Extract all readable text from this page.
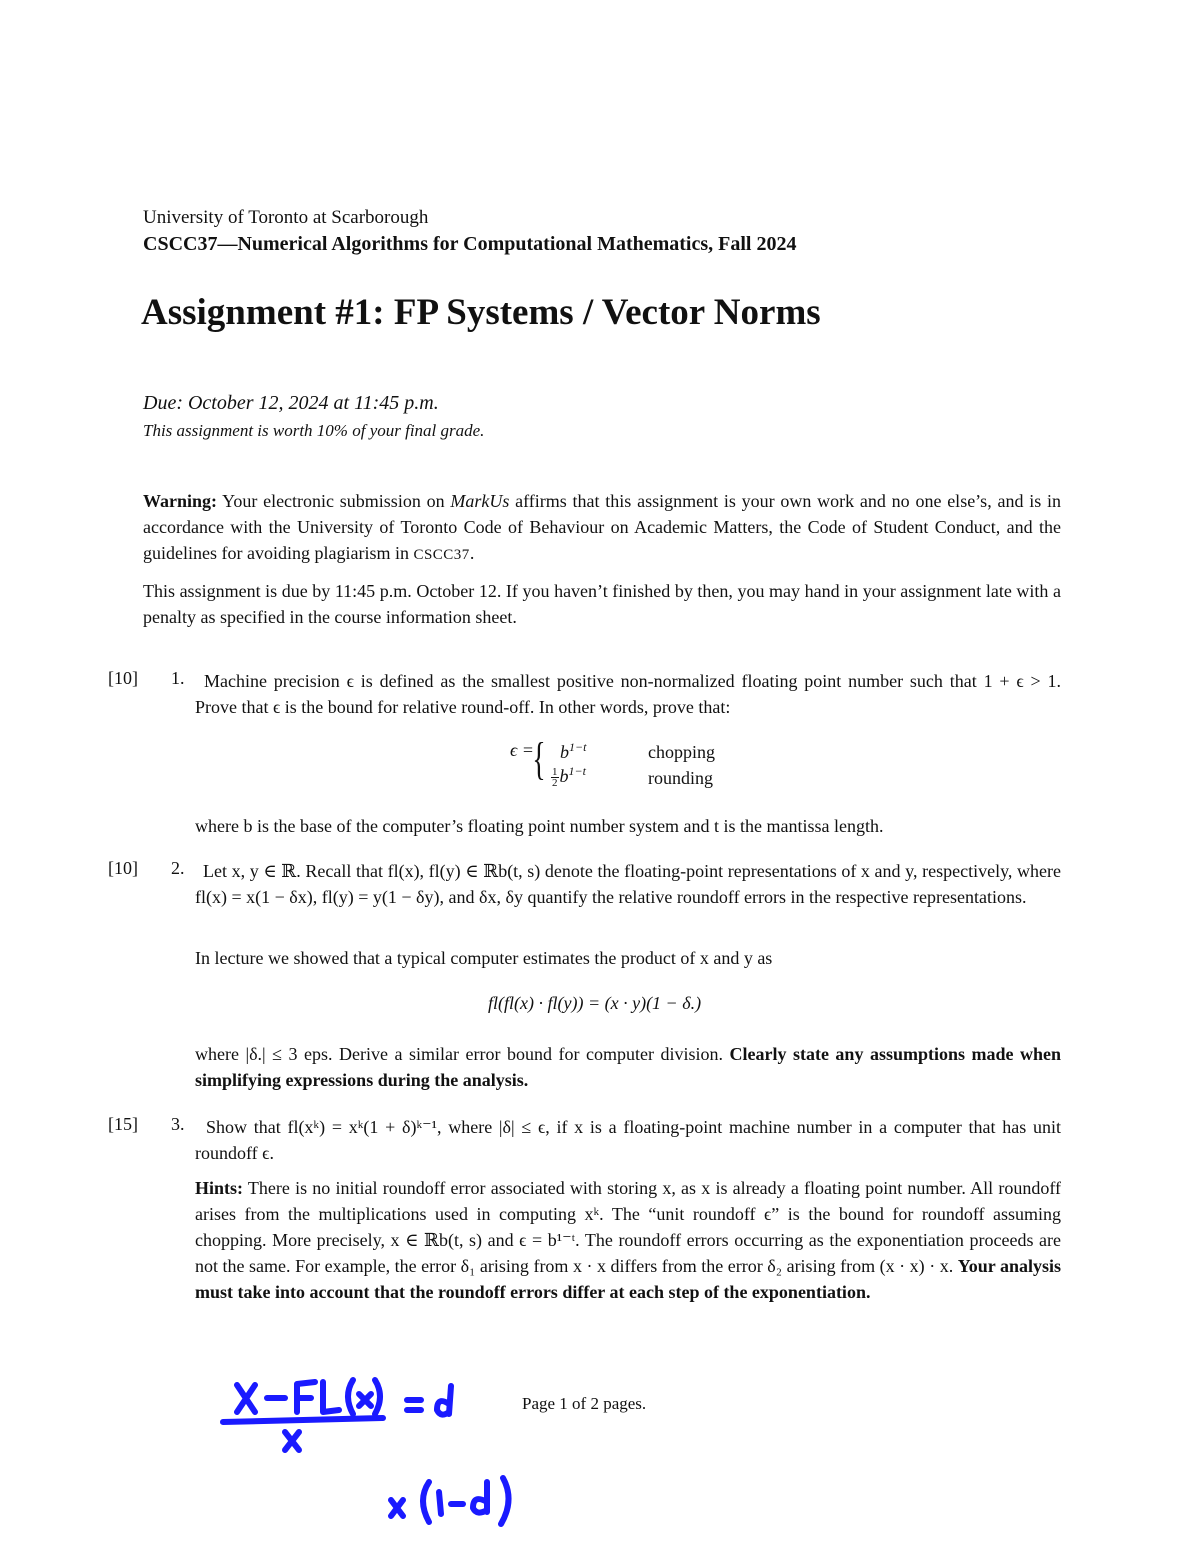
University of Toronto at Scarborough
CSCC37—Numerical Algorithms for Computational Mathematics, Fall 2024
Assignment #1: FP Systems / Vector Norms
Due: October 12, 2024 at 11:45 p.m.
This assignment is worth 10% of your final grade.
Warning: Your electronic submission on MarkUs affirms that this assignment is your own work and no one else’s, and is in accordance with the University of Toronto Code of Behaviour on Academic Matters, the Code of Student Conduct, and the guidelines for avoiding plagiarism in CSCC37.
This assignment is due by 11:45 p.m. October 12. If you haven’t finished by then, you may hand in your assignment late with a penalty as specified in the course information sheet.
[10] 1.	Machine precision ϵ is defined as the smallest positive non-normalized floating point number such that 1 + ϵ > 1. Prove that ϵ is the bound for relative round-off. In other words, prove that:
ϵ =
{ $b^{1-t}$	chopping
$\frac{1}{2} b^{1-t}$	rounding
where b is the base of the computer’s floating point number system and t is the mantissa length.
[10] 2.	Let x, y ∈ ℝ. Recall that fl(x), fl(y) ∈ ℝb(t, s) denote the floating-point representations of x and y, respectively, where fl(x) = x(1 − δx), fl(y) = y(1 − δy), and δx, δy quantify the relative roundoff errors in the respective representations.
In lecture we showed that a typical computer estimates the product of x and y as
fl(fl(x) · fl(y)) = (x · y)(1 − δ.)
where |δ.| ≤ 3 eps. Derive a similar error bound for computer division. Clearly state any assumptions made when simplifying expressions during the analysis.
[15] 3.	Show that fl(xᵏ) = xᵏ(1 + δ)ᵏ⁻¹, where |δ| ≤ ϵ, if x is a floating-point machine number in a computer that has unit roundoff ϵ.
Hints: There is no initial roundoff error associated with storing x, as x is already a floating point number. All roundoff arises from the multiplications used in computing xᵏ. The “unit roundoff ϵ” is the bound for roundoff assuming chopping. More precisely, x ∈ ℝb(t, s) and ϵ = b¹⁻ᵗ. The roundoff errors occurring as the exponentiation proceeds are not the same. For example, the error δ₁ arising from x · x differs from the error δ₂ arising from (x · x) · x. Your analysis must take into account that the roundoff errors differ at each step of the exponentiation.
Page 1 of 2 pages.
